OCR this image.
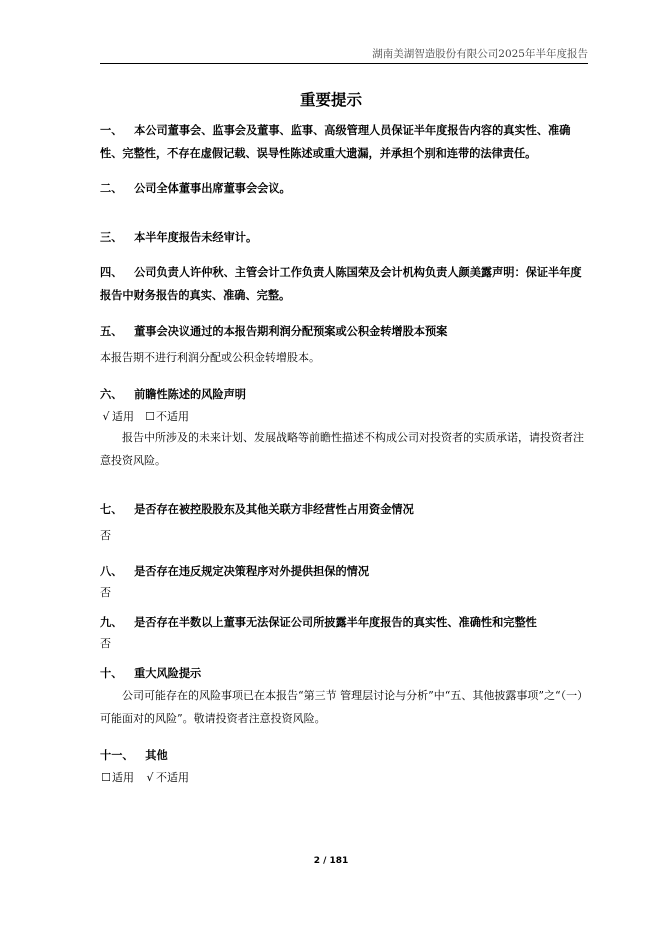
湖南美湖智造股份有限公司2025年半年度报告
重要提示
一、 本公司董事会、监事会及董事、监事、高级管理人员保证半年度报告内容的真实性、准确性、完整性，不存在虚假记载、误导性陈述或重大遗漏，并承担个别和连带的法律责任。
二、 公司全体董事出席董事会会议。
三、 本半年度报告未经审计。
四、 公司负责人许仲秋、主管会计工作负责人陈国荣及会计机构负责人颜美露声明：保证半年度报告中财务报告的真实、准确、完整。
五、 董事会决议通过的本报告期利润分配预案或公积金转增股本预案
本报告期不进行利润分配或公积金转增股本。
六、 前瞻性陈述的风险声明
√ 适用 ☐不适用
报告中所涉及的未来计划、发展战略等前瞻性描述不构成公司对投资者的实质承诺，请投资者注意投资风险。
七、 是否存在被控股股东及其他关联方非经营性占用资金情况
否
八、 是否存在违反规定决策程序对外提供担保的情况
否
九、 是否存在半数以上董事无法保证公司所披露半年度报告的真实性、准确性和完整性
否
十、 重大风险提示
公司可能存在的风险事项已在本报告“第三节 管理层讨论与分析”中“五、其他披露事项”之“（一）可能面对的风险”。敬请投资者注意投资风险。
十一、 其他
☐适用 √ 不适用
2 / 181
